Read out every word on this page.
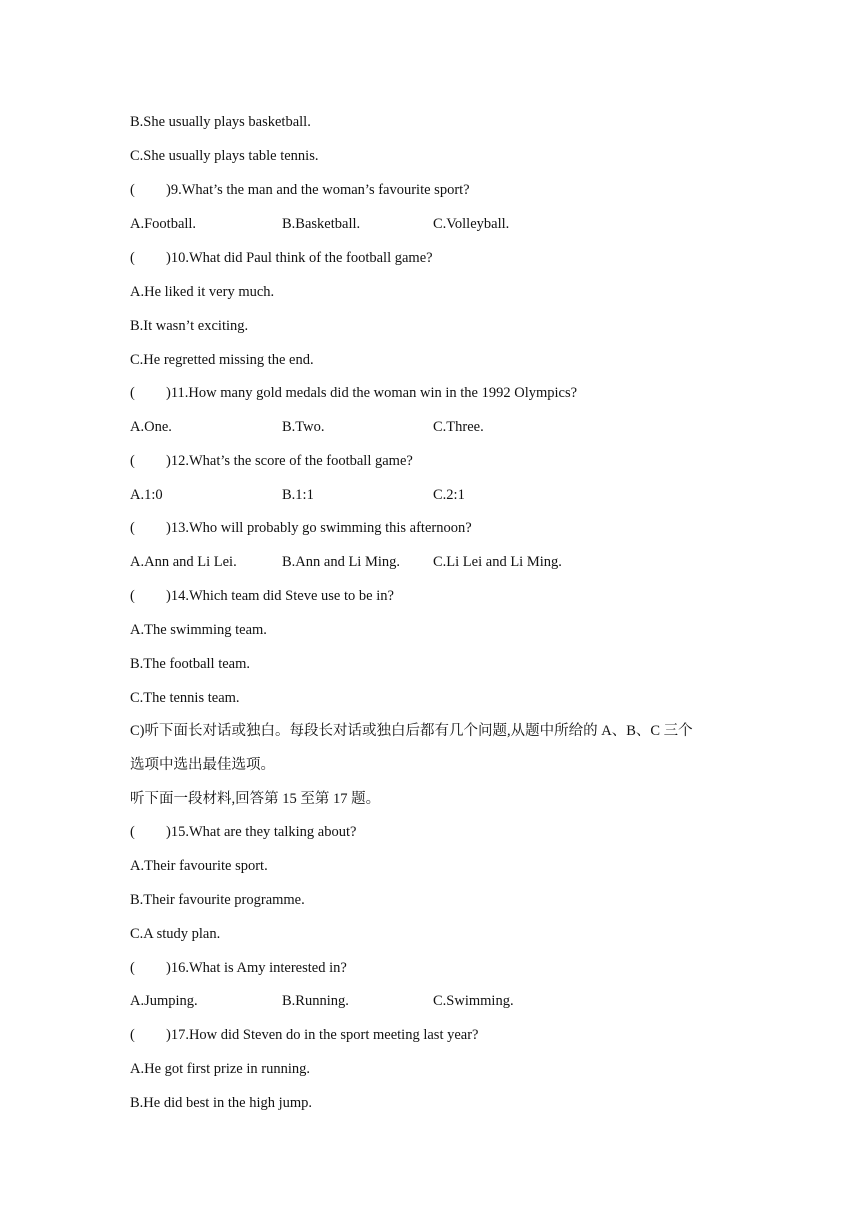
B.She usually plays basketball.
C.She usually plays table tennis.
( )9.What’s the man and the woman’s favourite sport?
A.Football.	B.Basketball.	C.Volleyball.
( )10.What did Paul think of the football game?
A.He liked it very much.
B.It wasn’t exciting.
C.He regretted missing the end.
( )11.How many gold medals did the woman win in the 1992 Olympics?
A.One.	B.Two.	C.Three.
( )12.What’s the score of the football game?
A.1:0	B.1:1	C.2:1
( )13.Who will probably go swimming this afternoon?
A.Ann and Li Lei.	B.Ann and Li Ming. C.Li Lei and Li Ming.
( )14.Which team did Steve use to be in?
A.The swimming team.
B.The football team.
C.The tennis team.
C)听下面长对话或独白。每段长对话或独白后都有几个问题,从题中所给的 A、B、C 三个
选项中选出最佳选项。
听下面一段材料,回答第 15 至第 17 题。
( )15.What are they talking about?
A.Their favourite sport.
B.Their favourite programme.
C.A study plan.
( )16.What is Amy interested in?
A.Jumping.	B.Running.	C.Swimming.
( )17.How did Steven do in the sport meeting last year?
A.He got first prize in running.
B.He did best in the high jump.
